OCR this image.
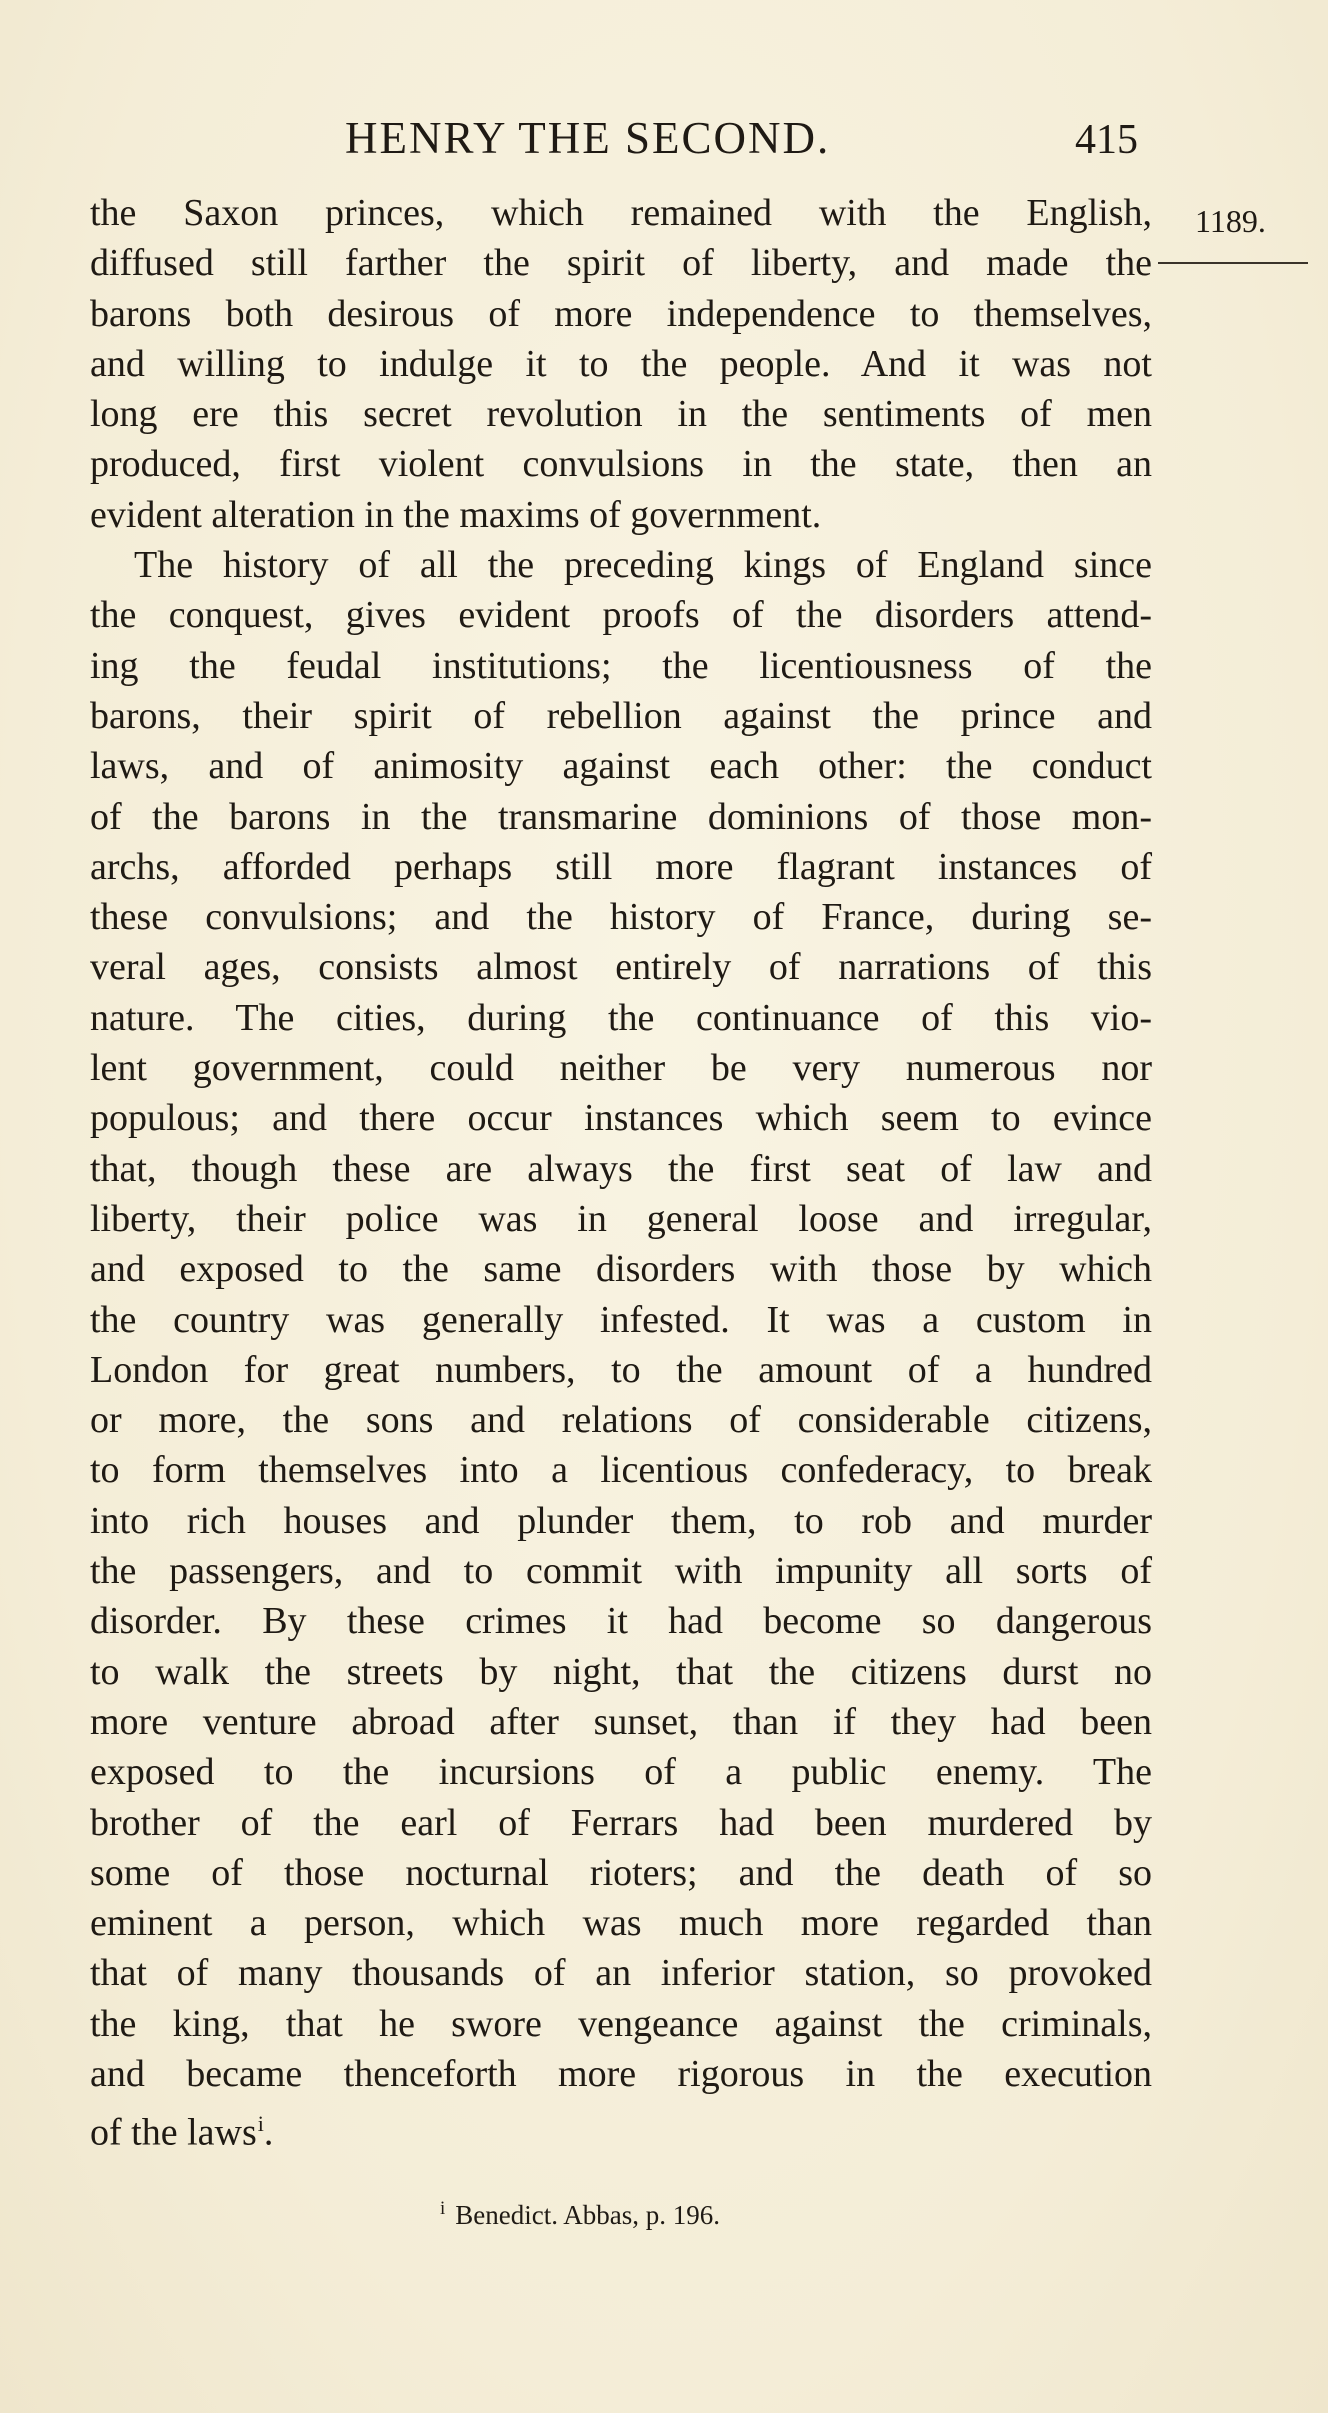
HENRY THE SECOND.	415
1189.
the Saxon princes, which remained with the English,
diffused still farther the spirit of liberty, and made the
barons both desirous of more independence to themselves,
and willing to indulge it to the people. And it was not
long ere this secret revolution in the sentiments of men
produced, first violent convulsions in the state, then an
evident alteration in the maxims of government.
The history of all the preceding kings of England since
the conquest, gives evident proofs of the disorders attend-
ing the feudal institutions; the licentiousness of the
barons, their spirit of rebellion against the prince and
laws, and of animosity against each other: the conduct
of the barons in the transmarine dominions of those mon-
archs, afforded perhaps still more flagrant instances of
these convulsions; and the history of France, during se-
veral ages, consists almost entirely of narrations of this
nature. The cities, during the continuance of this vio-
lent government, could neither be very numerous nor
populous; and there occur instances which seem to evince
that, though these are always the first seat of law and
liberty, their police was in general loose and irregular,
and exposed to the same disorders with those by which
the country was generally infested. It was a custom in
London for great numbers, to the amount of a hundred
or more, the sons and relations of considerable citizens,
to form themselves into a licentious confederacy, to break
into rich houses and plunder them, to rob and murder
the passengers, and to commit with impunity all sorts of
disorder. By these crimes it had become so dangerous
to walk the streets by night, that the citizens durst no
more venture abroad after sunset, than if they had been
exposed to the incursions of a public enemy. The
brother of the earl of Ferrars had been murdered by
some of those nocturnal rioters; and the death of so
eminent a person, which was much more regarded than
that of many thousands of an inferior station, so provoked
the king, that he swore vengeance against the criminals,
and became thenceforth more rigorous in the execution
of the laws$^i$.
$^i$ Benedict. Abbas, p. 196.
